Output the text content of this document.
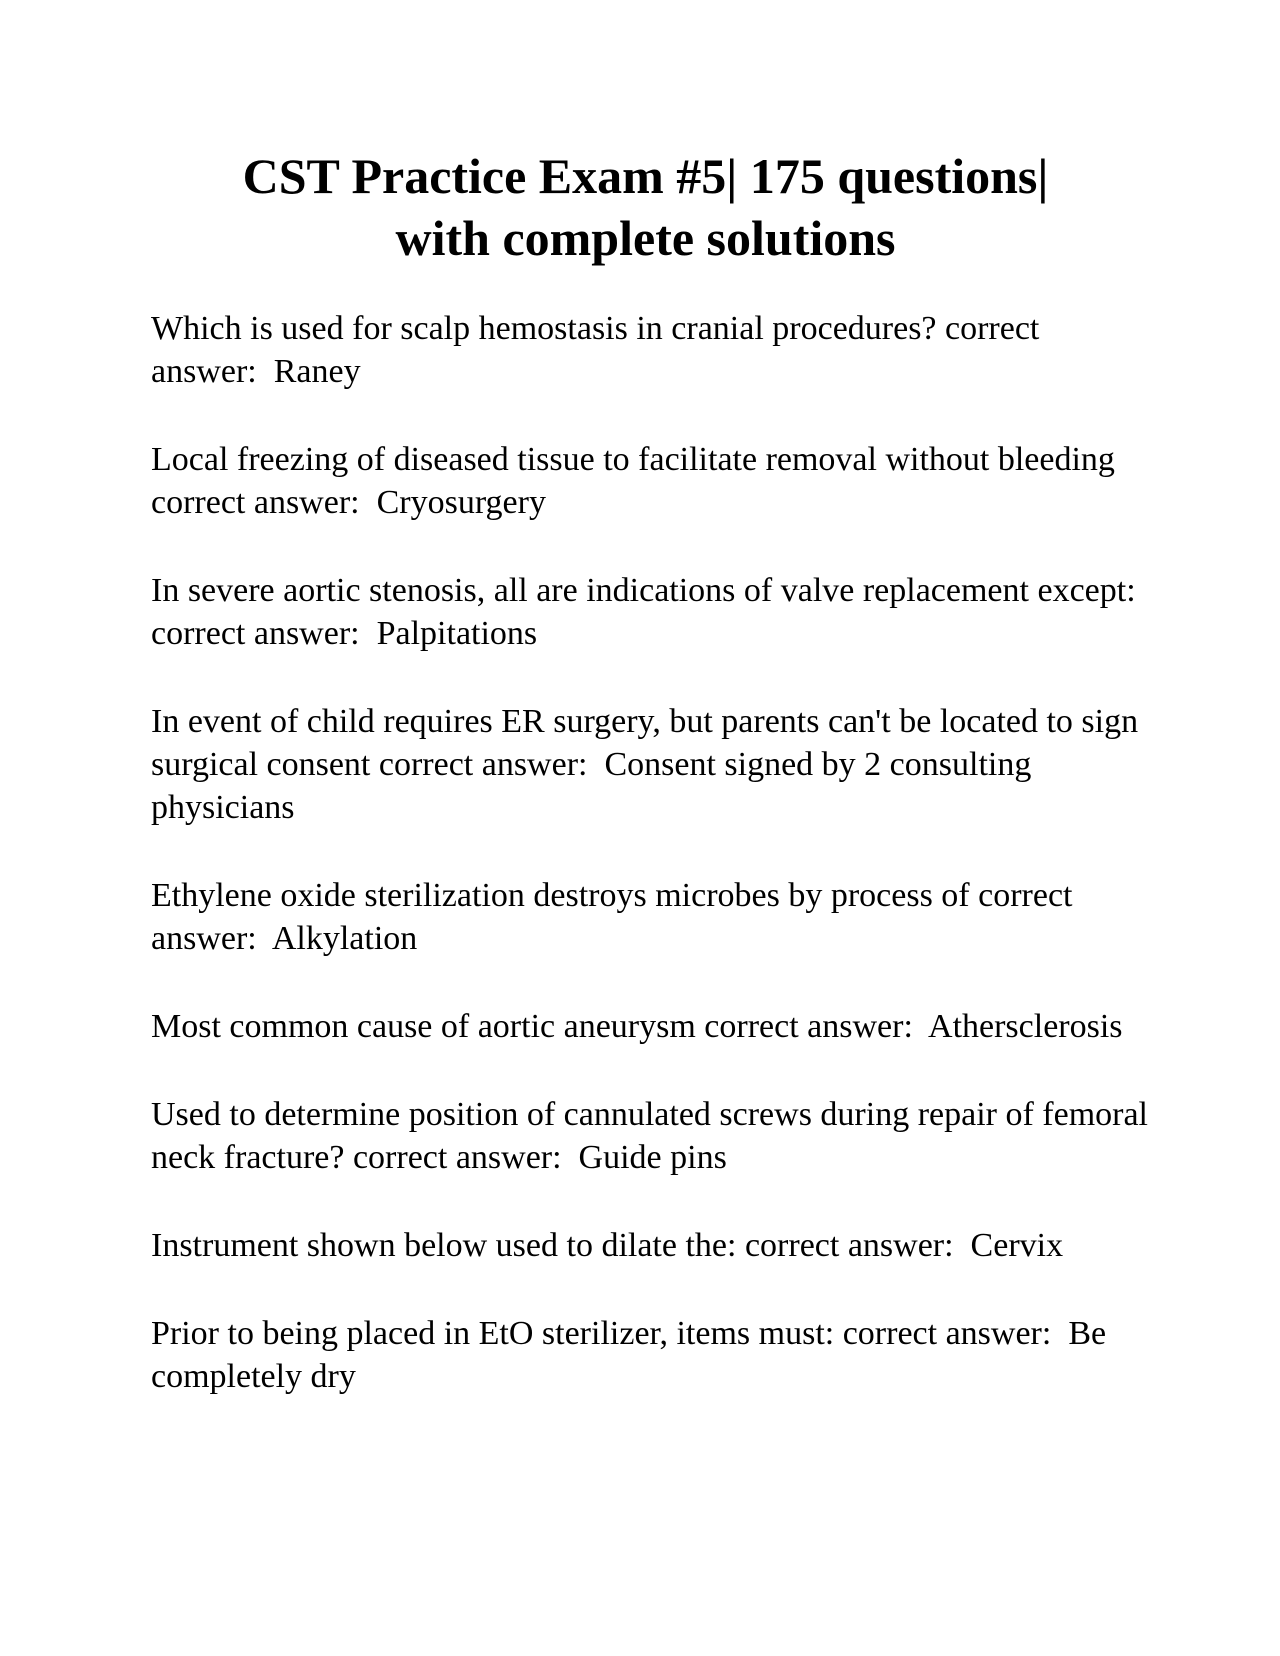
CST Practice Exam #5| 175 questions|
with complete solutions

Which is used for scalp hemostasis in cranial procedures? correct answer:  Raney

Local freezing of diseased tissue to facilitate removal without bleeding correct answer:  Cryosurgery

In severe aortic stenosis, all are indications of valve replacement except: correct answer:  Palpitations

In event of child requires ER surgery, but parents can't be located to sign surgical consent correct answer:  Consent signed by 2 consulting physicians

Ethylene oxide sterilization destroys microbes by process of correct answer:  Alkylation

Most common cause of aortic aneurysm correct answer:  Athersclerosis

Used to determine position of cannulated screws during repair of femoral neck fracture? correct answer:  Guide pins

Instrument shown below used to dilate the: correct answer:  Cervix

Prior to being placed in EtO sterilizer, items must: correct answer:  Be completely dry
